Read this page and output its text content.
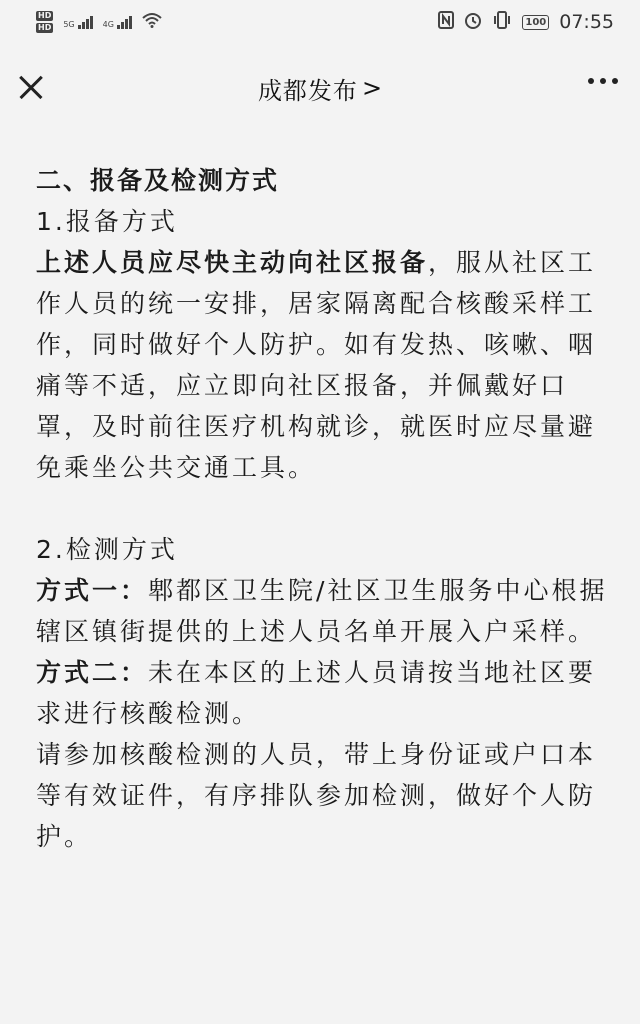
HD
HD 5G	4G	100 07:55
成都发布 >

二、报备及检测方式

1.报备方式

上述人员应尽快主动向社区报备，服从社区工作人员的统一安排，居家隔离配合核酸采样工作，同时做好个人防护。如有发热、咳嗽、咽痛等不适，应立即向社区报备，并佩戴好口罩，及时前往医疗机构就诊，就医时应尽量避免乘坐公共交通工具。

2.检测方式

方式一：郫都区卫生院/社区卫生服务中心根据辖区镇街提供的上述人员名单开展入户采样。

方式二：未在本区的上述人员请按当地社区要求进行核酸检测。

请参加核酸检测的人员，带上身份证或户口本等有效证件，有序排队参加检测，做好个人防护。
